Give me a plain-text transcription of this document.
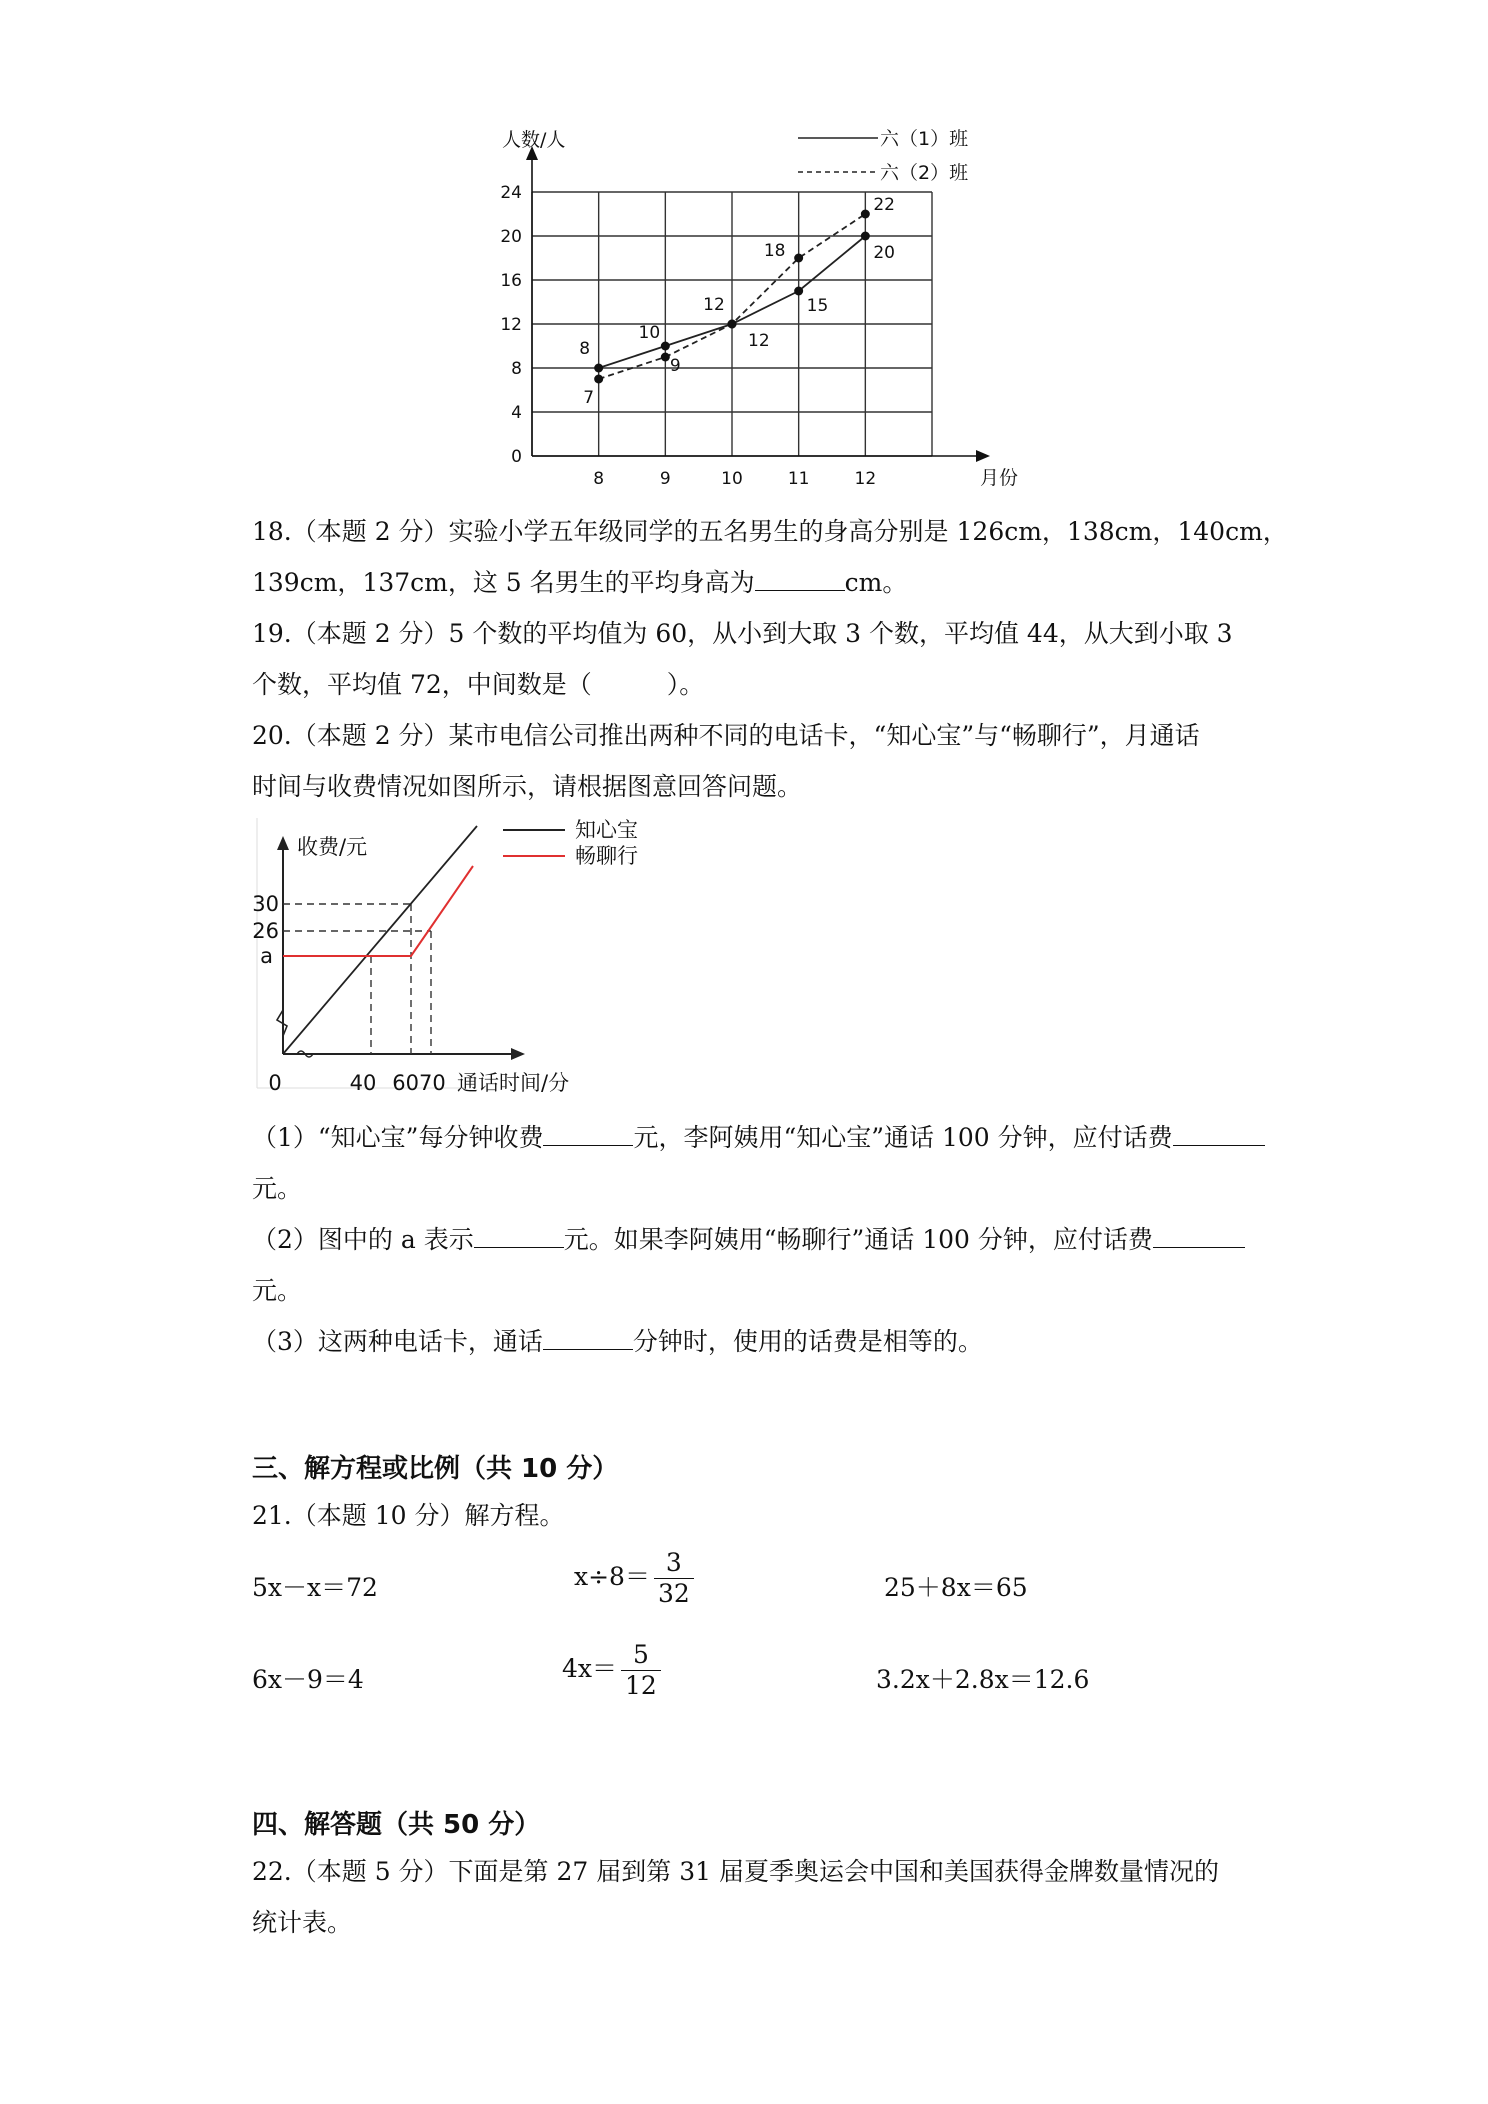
0
4
8
12
16
20
24
8	9	10	11	12
人数/人
月份
六（1）班
六（2）班
8
10	12
15
20
7
9
12
18
22
18.（本题 2 分）实验小学五年级同学的五名男生的身高分别是 126cm，138cm，140cm，
139cm，137cm，这 5 名男生的平均身高为	cm。
19.（本题 2 分）5 个数的平均值为 60，从小到大取 3 个数，平均值 44，从大到小取 3
个数，平均值 72，中间数是（　　　）。
20.（本题 2 分）某市电信公司推出两种不同的电话卡，“知心宝”与“畅聊行”，月通话
时间与收费情况如图所示，请根据图意回答问题。
收费/元
通话时间/分
0
30
26
a
40 6070
知心宝
畅聊行
（1）“知心宝”每分钟收费	元，李阿姨用“知心宝”通话 100 分钟，应付话费
元。
（2）图中的 a 表示	元。如果李阿姨用“畅聊行”通话 100 分钟，应付话费
元。
（3）这两种电话卡，通话	分钟时，使用的话费是相等的。
三、解方程或比例（共 10 分）
21.（本题 10 分）解方程。
5x－x＝72	$x\div 8= \frac{3}{32}$	25＋8x＝65
6x－9＝4	$4x= \frac{5}{12}$	3.2x＋2.8x＝12.6
四、解答题（共 50 分）
22.（本题 5 分）下面是第 27 届到第 31 届夏季奥运会中国和美国获得金牌数量情况的
统计表。
